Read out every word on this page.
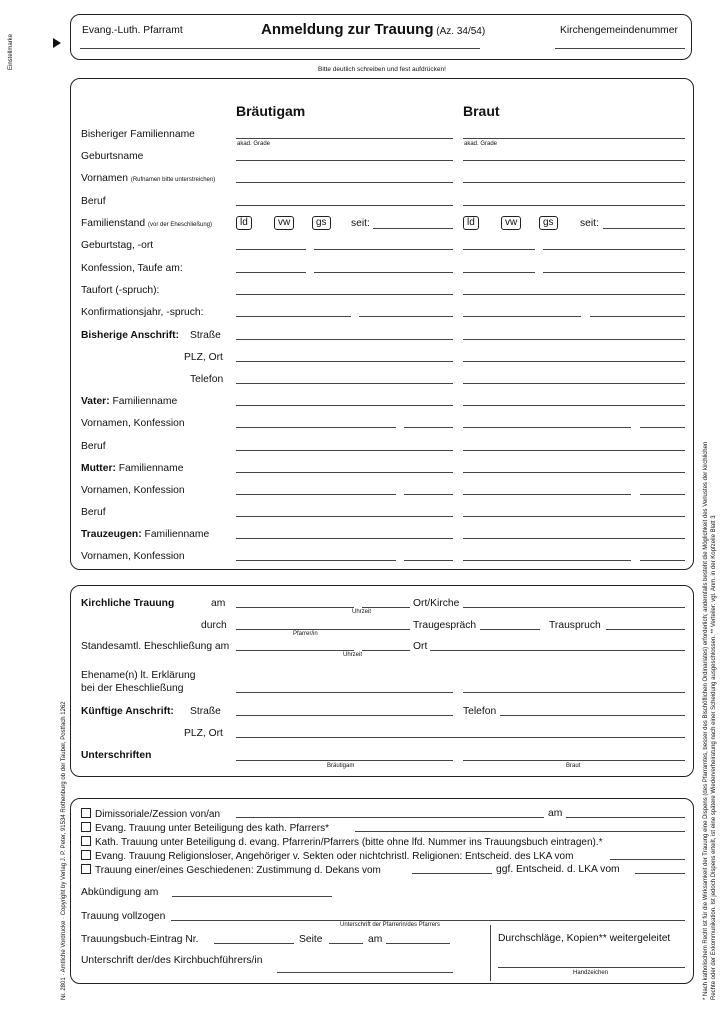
Einstellmarke
Nr. 2801 · Amtliche Vordrucke · Copyright by Verlag J. P. Peter, 91534 Rothenburg ob der Tauber, Postfach 1262	* Nach katholischem Recht ist für die Wirksamkeit der Trauung eine Dispens (des Pfarramtes, besser des Bischöflichen Ordinariates) erforderlich; andernfalls besteht die Möglichkeit des Verlustes der kirchlichen Rechte oder der Exkommunikation. Ist jedoch Dispens erteilt, ist eine spätere Wiederverheiratung nach einer Scheidung ausgeschlossen. ** Verteiler: vgl. Anm. in der Kopfzeile Blatt 3
Evang.-Luth. Pfarramt	Anmeldung zur Trauung (Az. 34/54)	Kirchengemeindenummer
Bitte deutlich schreiben und fest aufdrücken!
Bräutigam	Braut
Bisheriger Familienname
akad. Grade	akad. Grade
Geburtsname
Vornamen (Rufnamen bitte unterstreichen)
Beruf
Familienstand (vor der Eheschließung)	ld	vw	gs	seit:	ld	vw	gs	seit:
Geburtstag, -ort
Konfession, Taufe am:
Taufort (-spruch):
Konfirmationsjahr, -spruch:
Bisherige Anschrift: Straße
PLZ, Ort
Telefon
Vater: Familienname
Vornamen, Konfession
Beruf
Mutter: Familienname
Vornamen, Konfession
Beruf
Trauzeugen: Familienname
Vornamen, Konfession
Kirchliche Trauung	am
Uhrzeit
Ort/Kirche
durch
Pfarrer/in
Traugespräch	Trauspruch
Standesamtl. Eheschließung am
Uhrzeit
Ort
Ehename(n) lt. Erklärung
bei der Eheschließung
Künftige Anschrift: Straße	Telefon
PLZ, Ort
Unterschriften
Bräutigam	Braut
Dimissoriale/Zession von/an	am
Evang. Trauung unter Beteiligung des kath. Pfarrers*
Kath. Trauung unter Beteiligung d. evang. Pfarrerin/Pfarrers (bitte ohne lfd. Nummer ins Trauungsbuch eintragen).*
Evang. Trauung Religionsloser, Angehöriger v. Sekten oder nichtchristl. Religionen: Entscheid. des LKA vom
Trauung einer/eines Geschiedenen: Zustimmung d. Dekans vom	ggf. Entscheid. d. LKA vom
Abkündigung am
Trauung vollzogen
Unterschrift der Pfarrerin/des Pfarrers
Trauungsbuch-Eintrag Nr.	Seite	am
Unterschrift der/des Kirchbuchführers/in
Durchschläge, Kopien** weitergeleitet
Handzeichen
